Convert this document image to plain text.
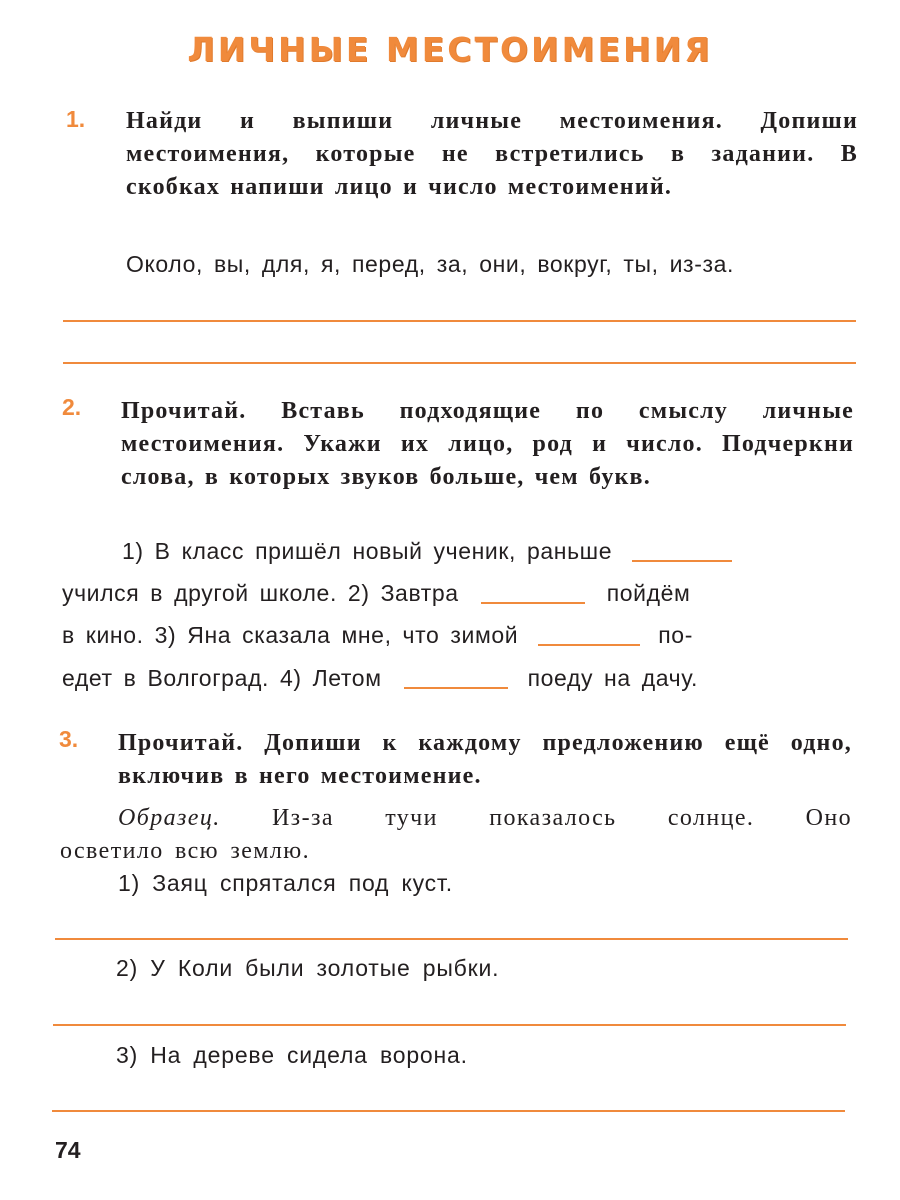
ЛИЧНЫЕ МЕСТОИМЕНИЯ
1. Найди и выпиши личные местоимения. Допиши местоимения, которые не встретились в задании. В скобках напиши лицо и число местоимений.
Около, вы, для, я, перед, за, они, вокруг, ты, из-за.
2. Прочитай. Вставь подходящие по смыслу личные местоимения. Укажи их лицо, род и число. Подчеркни слова, в которых звуков больше, чем букв.
1) В класс пришёл новый ученик, раньше
учился в другой школе. 2) Завтра	пойдём
в кино. 3) Яна сказала мне, что зимой	по-
едет в Волгоград. 4) Летом	поеду на дачу.
3. Прочитай. Допиши к каждому предложению ещё одно, включив в него местоимение.
Образец. Из-за тучи показалось солнце. Оно
осветило всю землю.
1) Заяц спрятался под куст.
2) У Коли были золотые рыбки.
3) На дереве сидела ворона.
74
